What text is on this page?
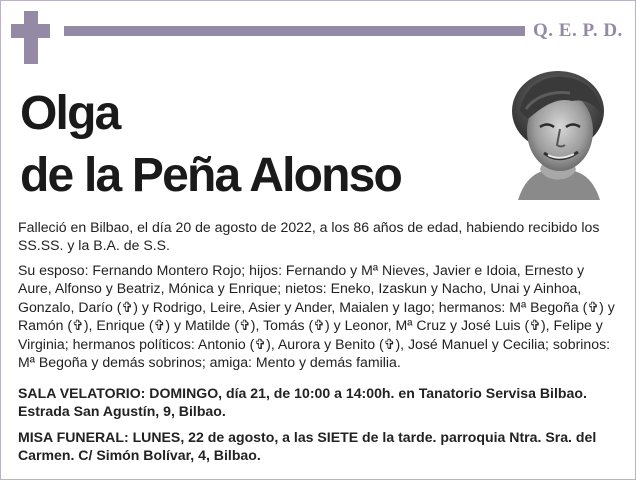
Q. E. P. D.
Olga
de la Peña Alonso
Falleció en Bilbao, el día 20 de agosto de 2022, a los 86 años de edad, habiendo recibido los SS.SS. y la B.A. de S.S.
Su esposo: Fernando Montero Rojo; hijos: Fernando y Mª Nieves, Javier e Idoia, Ernesto y Aure, Alfonso y Beatriz, Mónica y Enrique; nietos: Eneko, Izaskun y Nacho, Unai y Ainhoa, Gonzalo, Darío (✞) y Rodrigo, Leire, Asier y Ander, Maialen y Iago; hermanos: Mª Begoña (✞) y Ramón (✞), Enrique (✞) y Matilde (✞), Tomás (✞) y Leonor, Mª Cruz y José Luis (✞), Felipe y Virginia; hermanos políticos: Antonio (✞), Aurora y Benito (✞), José Manuel y Cecilia; sobrinos: Mª Begoña y demás sobrinos; amiga: Mento y demás familia.
SALA VELATORIO: DOMINGO, día 21, de 10:00 a 14:00h. en Tanatorio Servisa Bilbao. Estrada San Agustín, 9, Bilbao.
MISA FUNERAL: LUNES, 22 de agosto, a las SIETE de la tarde. parroquia Ntra. Sra. del Carmen. C/ Simón Bolívar, 4, Bilbao.
